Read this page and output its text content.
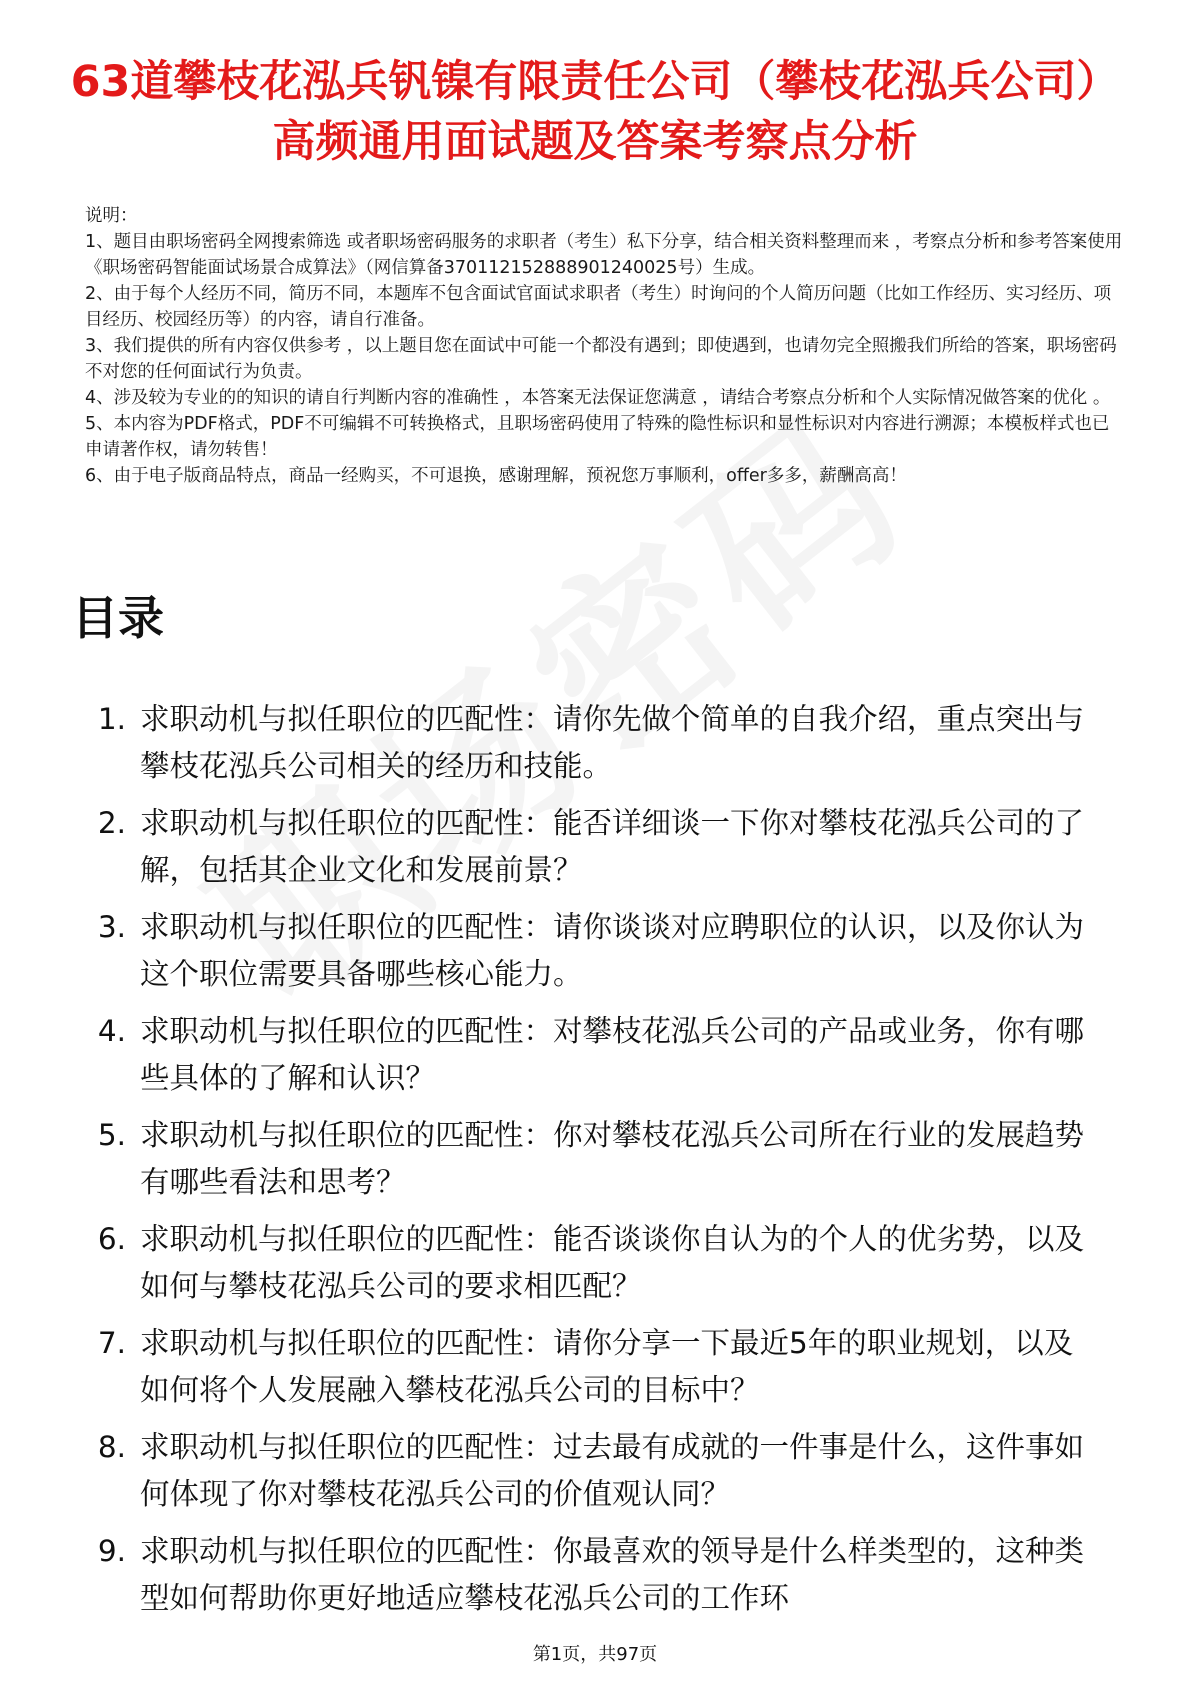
63道攀枝花泓兵钒镍有限责任公司（攀枝花泓兵公司）高频通用面试题及答案考察点分析

说明：

1、题目由职场密码全网搜索筛选 或者职场密码服务的求职者（考生）私下分享，结合相关资料整理而来 ，考察点分析和参考答案使用《职场密码智能面试场景合成算法》（网信算备370112152888901240025号）生成。

2、由于每个人经历不同，简历不同，本题库不包含面试官面试求职者（考生）时询问的个人简历问题（比如工作经历、实习经历、项目经历、校园经历等）的内容，请自行准备。

3、我们提供的所有内容仅供参考 ，以上题目您在面试中可能一个都没有遇到；即使遇到，也请勿完全照搬我们所给的答案，职场密码不对您的任何面试行为负责。

4、涉及较为专业的的知识的请自行判断内容的准确性 ，本答案无法保证您满意 ，请结合考察点分析和个人实际情况做答案的优化 。

5、本内容为PDF格式，PDF不可编辑不可转换格式，且职场密码使用了特殊的隐性标识和显性标识对内容进行溯源；本模板样式也已申请著作权，请勿转售！

6、由于电子版商品特点，商品一经购买，不可退换，感谢理解，预祝您万事顺利，offer多多，薪酬高高！

目录
1. 求职动机与拟任职位的匹配性：请你先做个简单的自我介绍，重点突出与攀枝花泓兵公司相关的经历和技能。
2. 求职动机与拟任职位的匹配性：能否详细谈一下你对攀枝花泓兵公司的了解，包括其企业文化和发展前景？
3. 求职动机与拟任职位的匹配性：请你谈谈对应聘职位的认识，以及你认为这个职位需要具备哪些核心能力。
4. 求职动机与拟任职位的匹配性：对攀枝花泓兵公司的产品或业务，你有哪些具体的了解和认识？
5. 求职动机与拟任职位的匹配性：你对攀枝花泓兵公司所在行业的发展趋势有哪些看法和思考？
6. 求职动机与拟任职位的匹配性：能否谈谈你自认为的个人的优劣势，以及如何与攀枝花泓兵公司的要求相匹配？
7. 求职动机与拟任职位的匹配性：请你分享一下最近5年的职业规划，以及如何将个人发展融入攀枝花泓兵公司的目标中？
8. 求职动机与拟任职位的匹配性：过去最有成就的一件事是什么，这件事如何体现了你对攀枝花泓兵公司的价值观认同？
9. 求职动机与拟任职位的匹配性：你最喜欢的领导是什么样类型的，这种类型如何帮助你更好地适应攀枝花泓兵公司的工作环
第1页，共97页
